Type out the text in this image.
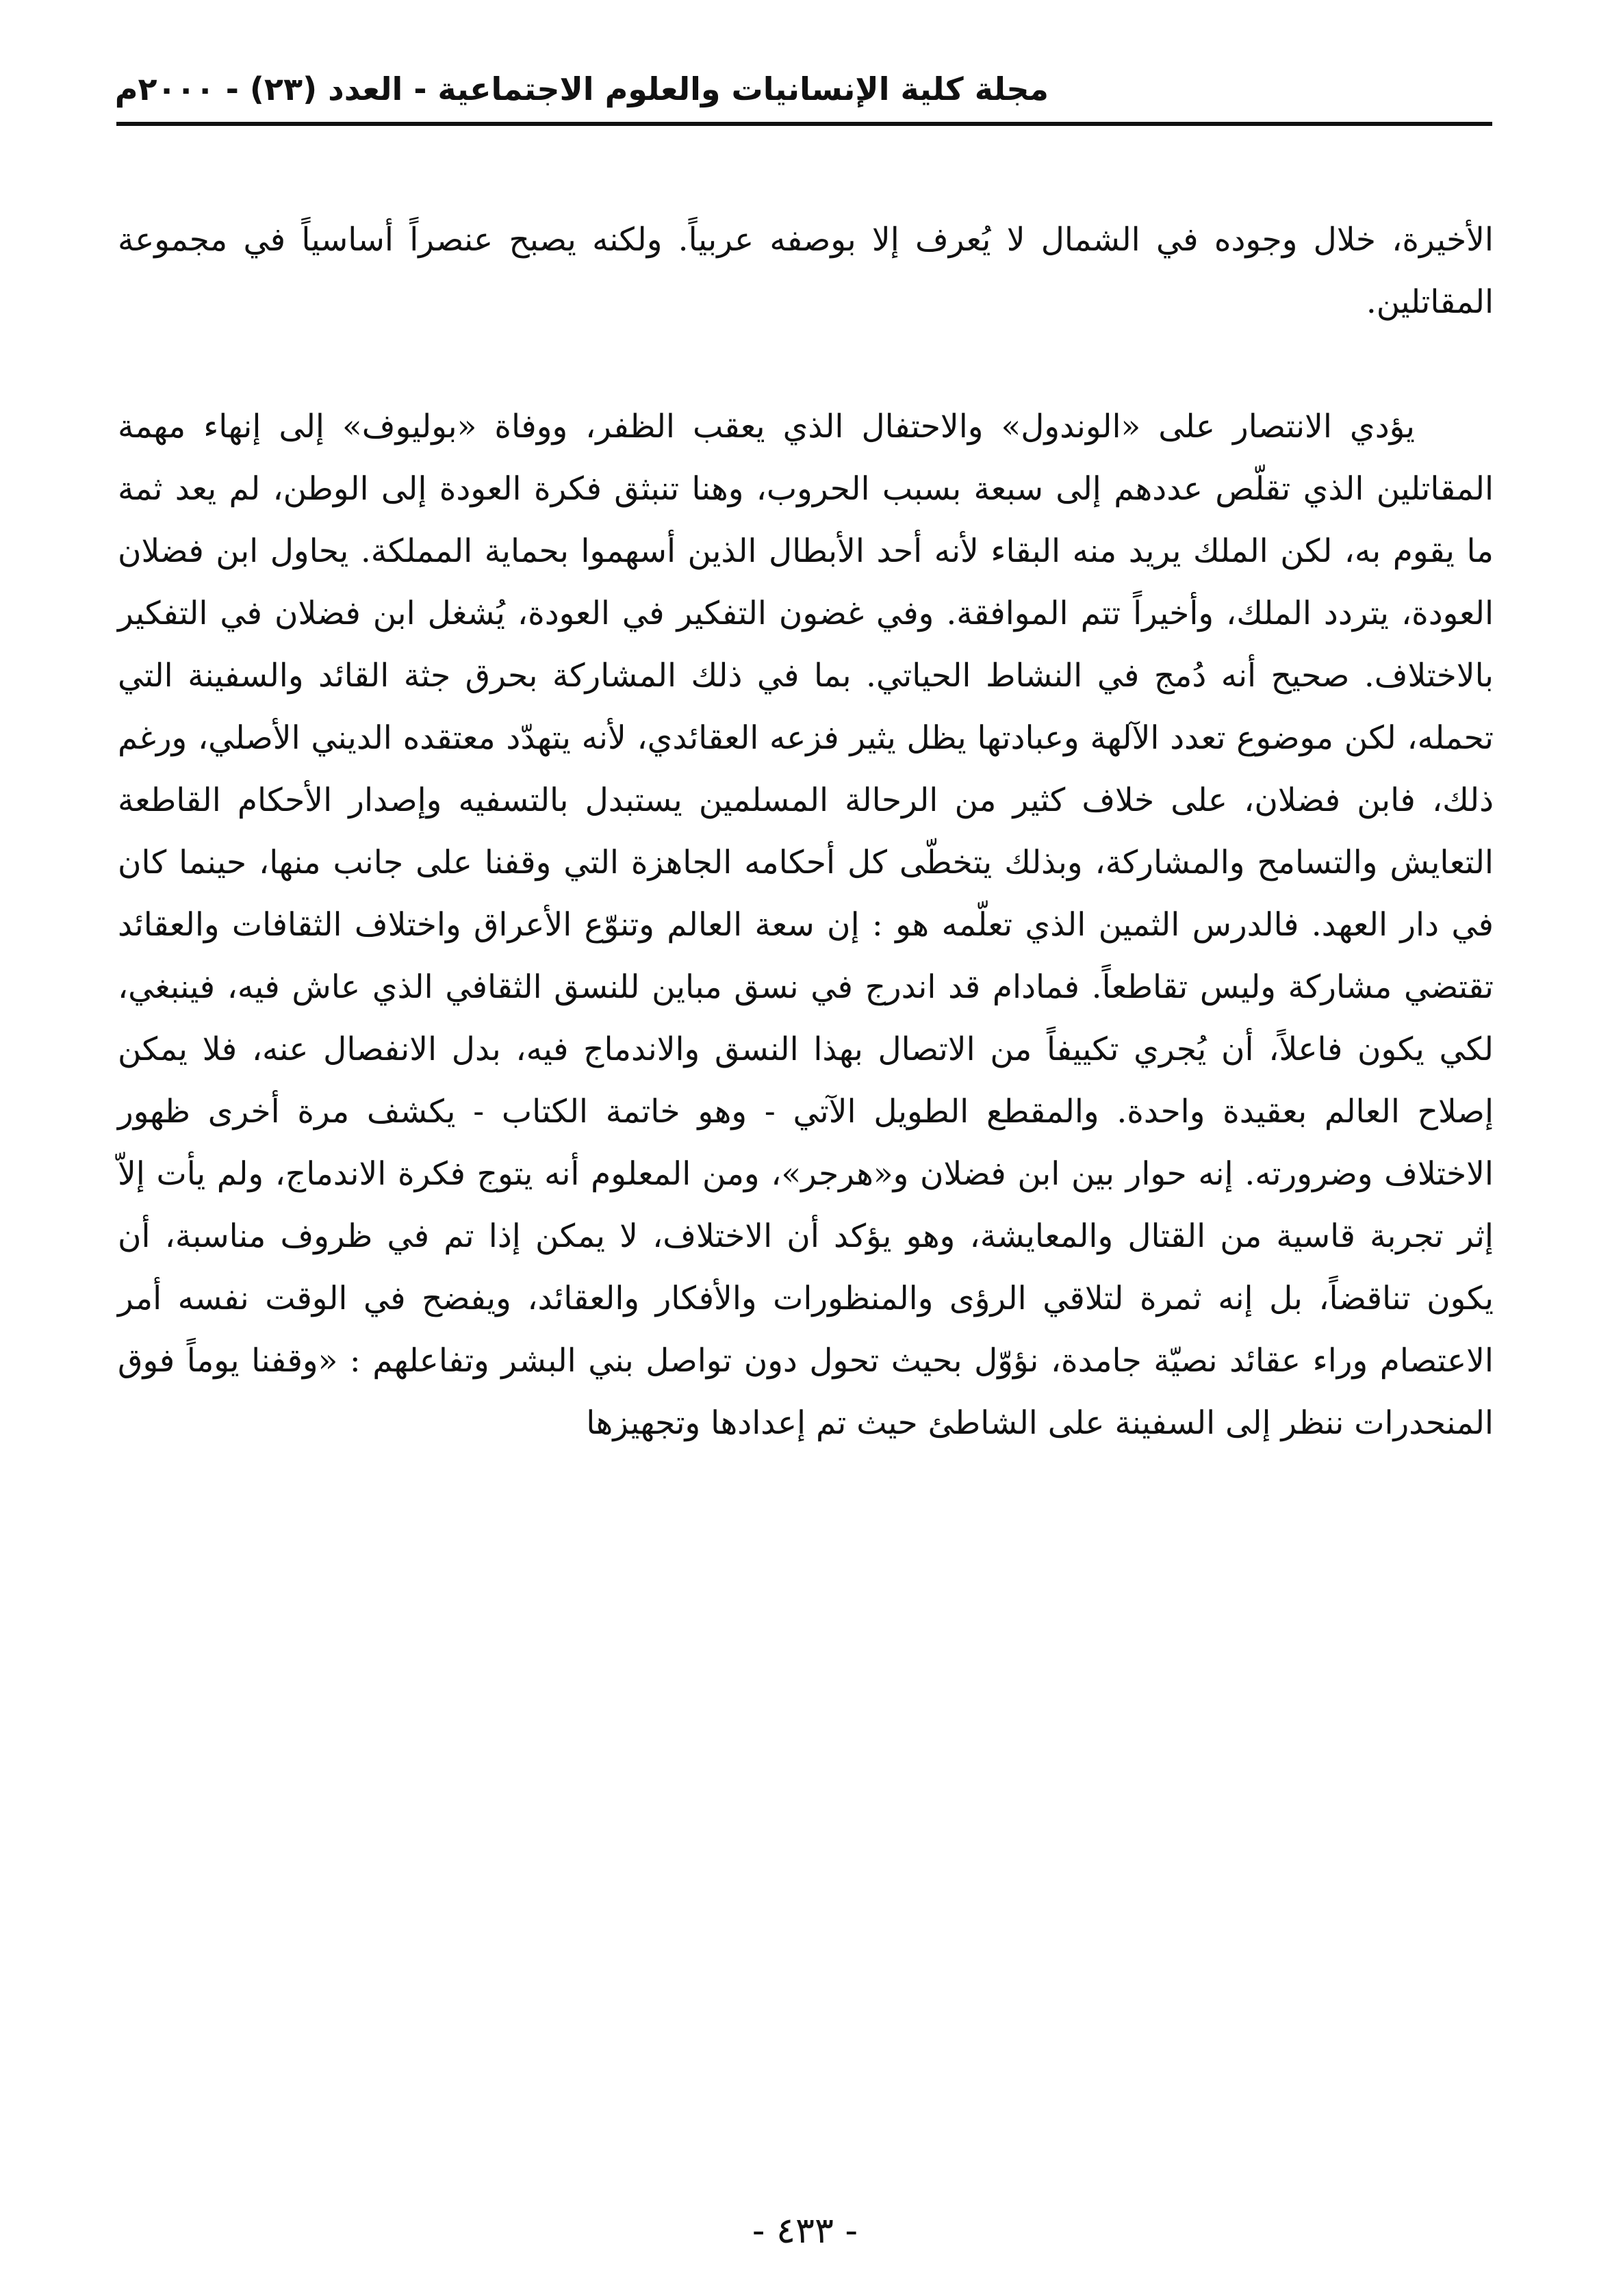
مجلة كلية الإنسانيات والعلوم الاجتماعية - العدد (٢٣) - ٢٠٠٠م

الأخيرة، خلال وجوده في الشمال لا يُعرف إلا بوصفه عربياً. ولكنه يصبح عنصراً أساسياً في مجموعة المقاتلين.

يؤدي الانتصار على «الوندول» والاحتفال الذي يعقب الظفر، ووفاة «بوليوف» إلى إنهاء مهمة المقاتلين الذي تقلّص عددهم إلى سبعة بسبب الحروب، وهنا تنبثق فكرة العودة إلى الوطن، لم يعد ثمة ما يقوم به، لكن الملك يريد منه البقاء لأنه أحد الأبطال الذين أسهموا بحماية المملكة. يحاول ابن فضلان العودة، يتردد الملك، وأخيراً تتم الموافقة. وفي غضون التفكير في العودة، يُشغل ابن فضلان في التفكير بالاختلاف. صحيح أنه دُمج في النشاط الحياتي. بما في ذلك المشاركة بحرق جثة القائد والسفينة التي تحمله، لكن موضوع تعدد الآلهة وعبادتها يظل يثير فزعه العقائدي، لأنه يتهدّد معتقده الديني الأصلي، ورغم ذلك، فابن فضلان، على خلاف كثير من الرحالة المسلمين يستبدل بالتسفيه وإصدار الأحكام القاطعة التعايش والتسامح والمشاركة، وبذلك يتخطّى كل أحكامه الجاهزة التي وقفنا على جانب منها، حينما كان في دار العهد. فالدرس الثمين الذي تعلّمه هو : إن سعة العالم وتنوّع الأعراق واختلاف الثقافات والعقائد تقتضي مشاركة وليس تقاطعاً. فمادام قد اندرج في نسق مباين للنسق الثقافي الذي عاش فيه، فينبغي، لكي يكون فاعلاً، أن يُجري تكييفاً من الاتصال بهذا النسق والاندماج فيه، بدل الانفصال عنه، فلا يمكن إصلاح العالم بعقيدة واحدة. والمقطع الطويل الآتي - وهو خاتمة الكتاب - يكشف مرة أخرى ظهور الاختلاف وضرورته. إنه حوار بين ابن فضلان و«هرجر»، ومن المعلوم أنه يتوج فكرة الاندماج، ولم يأت إلاّ إثر تجربة قاسية من القتال والمعايشة، وهو يؤكد أن الاختلاف، لا يمكن إذا تم في ظروف مناسبة، أن يكون تناقضاً، بل إنه ثمرة لتلاقي الرؤى والمنظورات والأفكار والعقائد، ويفضح في الوقت نفسه أمر الاعتصام وراء عقائد نصيّة جامدة، نؤوّل بحيث تحول دون تواصل بني البشر وتفاعلهم : «وقفنا يوماً فوق المنحدرات ننظر إلى السفينة على الشاطئ حيث تم إعدادها وتجهيزها

- ٤٣٣ -
